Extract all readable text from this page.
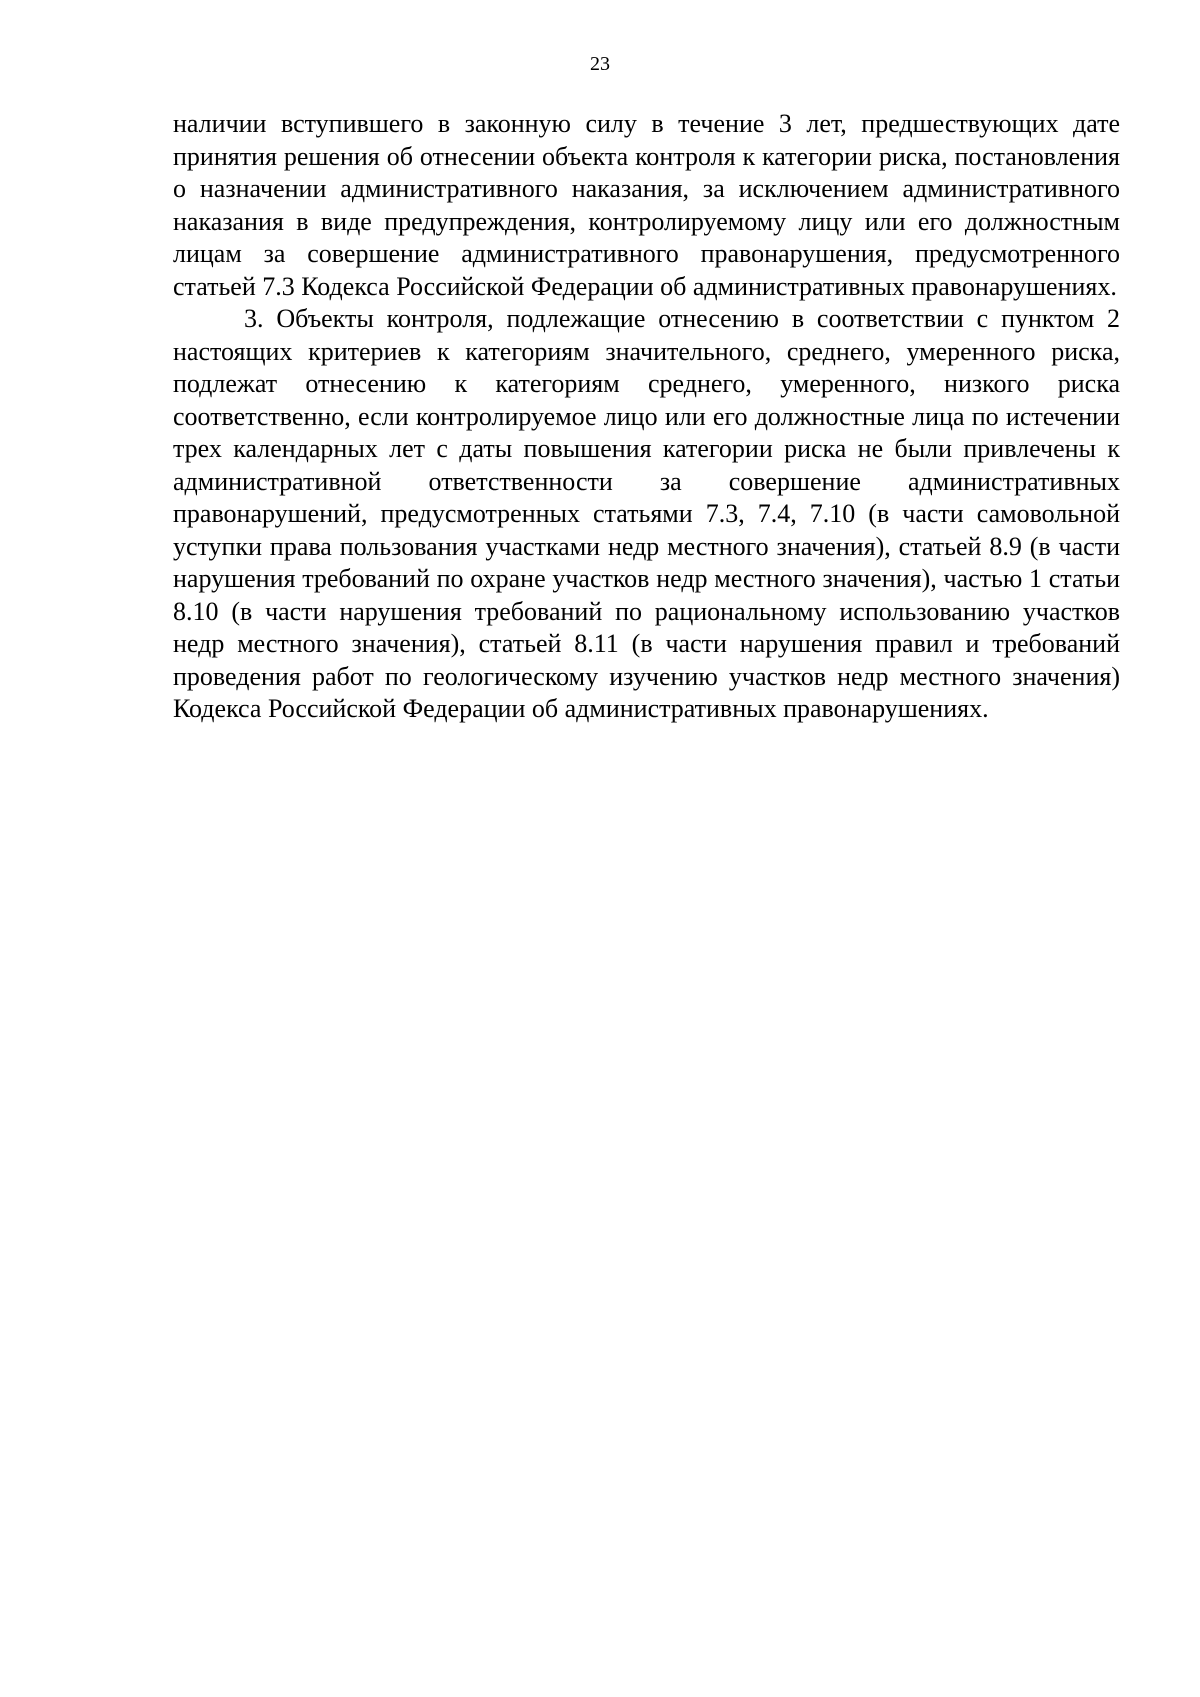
23

наличии вступившего в законную силу в течение 3 лет, предшествующих дате принятия решения об отнесении объекта контроля к категории риска, постановления о назначении административного наказания, за исключением административного наказания в виде предупреждения, контролируемому лицу или его должностным лицам за совершение административного правонарушения, предусмотренного статьей 7.3 Кодекса Российской Федерации об административных правонарушениях.

3. Объекты контроля, подлежащие отнесению в соответствии с пунктом 2 настоящих критериев к категориям значительного, среднего, умеренного риска, подлежат отнесению к категориям среднего, умеренного, низкого риска соответственно, если контролируемое лицо или его должностные лица по истечении трех календарных лет с даты повышения категории риска не были привлечены к административной ответственности за совершение административных правонарушений, предусмотренных статьями 7.3, 7.4, 7.10 (в части самовольной уступки права пользования участками недр местного значения), статьей 8.9 (в части нарушения требований по охране участков недр местного значения), частью 1 статьи 8.10 (в части нарушения требований по рациональному использованию участков недр местного значения), статьей 8.11 (в части нарушения правил и требований проведения работ по геологическому изучению участков недр местного значения) Кодекса Российской Федерации об административных правонарушениях.
